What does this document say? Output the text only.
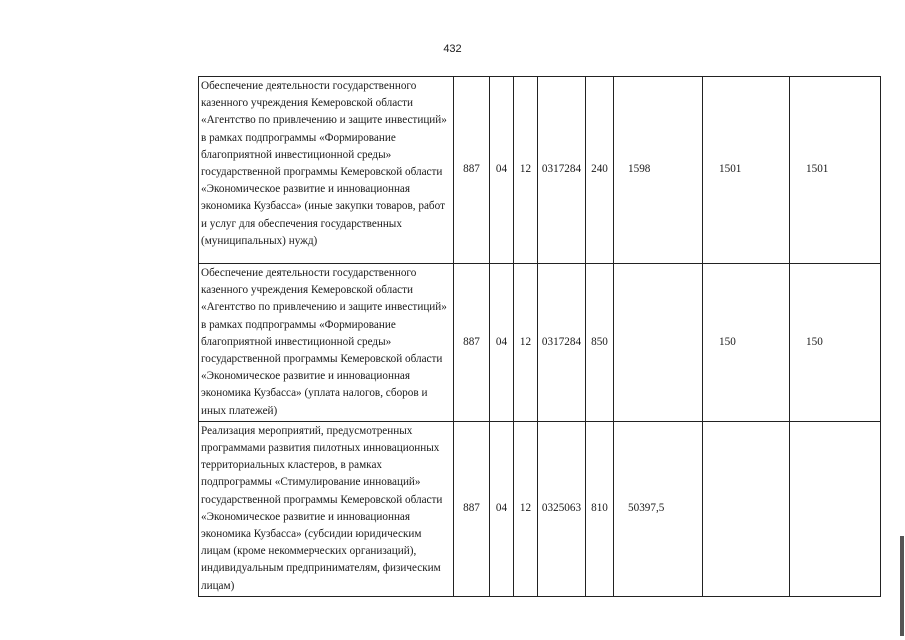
432
Обеспечение деятельности государственного казенного учреждения Кемеровской области «Агентство по привлечению и защите инвестиций» в рамках подпрограммы «Формирование благоприятной инвестиционной среды» государственной программы Кемеровской области «Экономическое развитие и инновационная экономика Кузбасса» (иные закупки товаров, работ и услуг для обеспечения государственных (муниципальных) нужд)	887	04	12	0317284	240	1598	1501	1501
Обеспечение деятельности государственного казенного учреждения Кемеровской области «Агентство по привлечению и защите инвестиций» в рамках подпрограммы «Формирование благоприятной инвестиционной среды» государственной программы Кемеровской области «Экономическое развитие и инновационная экономика Кузбасса» (уплата налогов, сборов и иных платежей)	887	04	12	0317284	850		150	150
Реализация мероприятий, предусмотренных программами развития пилотных инновационных территориальных кластеров, в рамках подпрограммы «Стимулирование инноваций» государственной программы Кемеровской области «Экономическое развитие и инновационная экономика Кузбасса» (субсидии юридическим лицам (кроме некоммерческих организаций), индивидуальным предпринимателям, физическим лицам)	887	04	12	0325063	810	50397,5		
